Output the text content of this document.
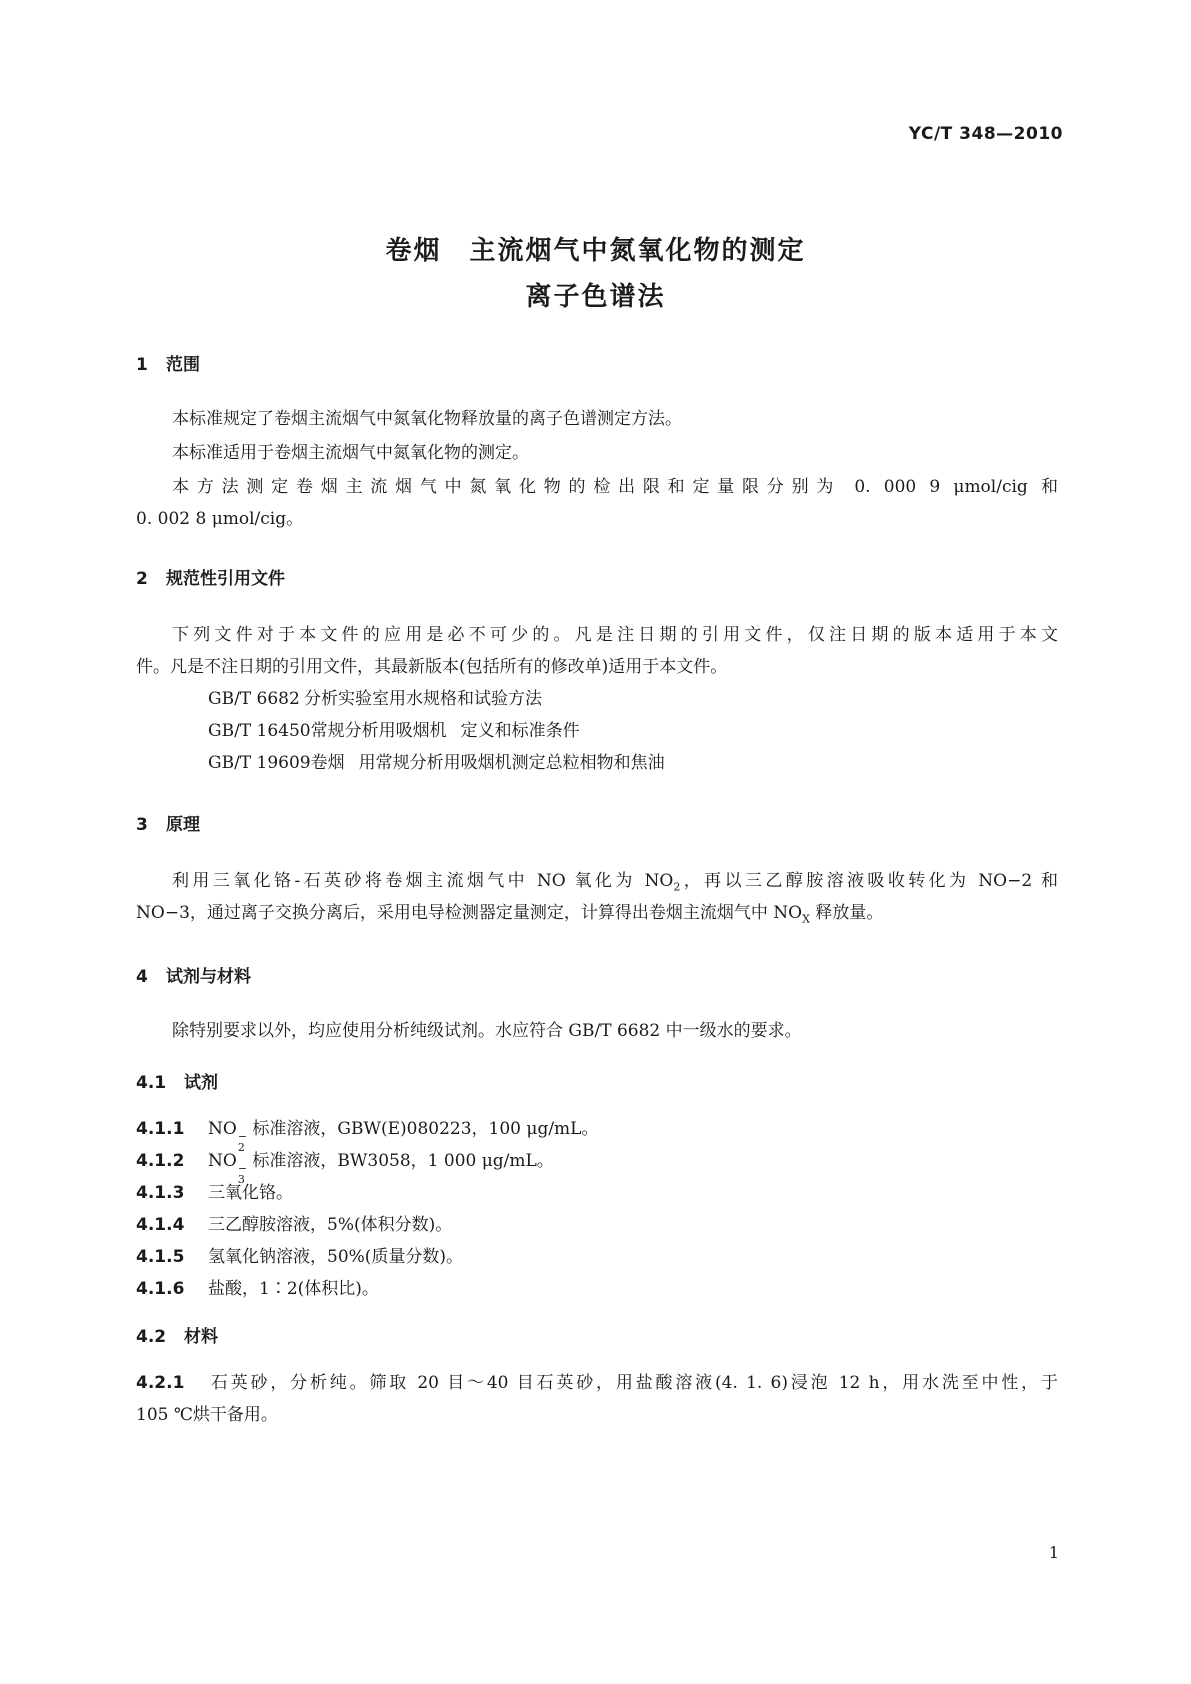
YC/T 348—2010
卷烟 主流烟气中氮氧化物的测定
离子色谱法
1 范围
本标准规定了卷烟主流烟气中氮氧化物释放量的离子色谱测定方法。
本标准适用于卷烟主流烟气中氮氧化物的测定。
本方法测定卷烟主流烟气中氮氧化物的检出限和定量限分别为 0. 000 9 μmol/cig 和
0. 002 8 μmol/cig。
2 规范性引用文件
下列文件对于本文件的应用是必不可少的。凡是注日期的引用文件，仅注日期的版本适用于本文
件。凡是不注日期的引用文件，其最新版本(包括所有的修改单)适用于本文件。
GB/T 6682 分析实验室用水规格和试验方法
GB/T 16450常规分析用吸烟机 定义和标准条件
GB/T 19609卷烟 用常规分析用吸烟机测定总粒相物和焦油
3 原理
利用三氧化铬-石英砂将卷烟主流烟气中 NO 氧化为 $NO_2$，再以三乙醇胺溶液吸收转化为 NO−2 和
NO−3，通过离子交换分离后，采用电导检测器定量测定，计算得出卷烟主流烟气中 $NO_X$ 释放量。
4 试剂与材料
除特别要求以外，均应使用分析纯级试剂。水应符合 GB/T 6682 中一级水的要求。
4.1 试剂
4.1.1 NO −
2
标准溶液，GBW(E)080223，100 μg/mL。
4.1.2 NO −
3
标准溶液，BW3058，1 000 μg/mL。
4.1.3 三氧化铬。
4.1.4 三乙醇胺溶液，5%(体积分数)。
4.1.5 氢氧化钠溶液，50%(质量分数)。
4.1.6 盐酸，1∶2(体积比)。
4.2 材料
4.2.1 石英砂，分析纯。筛取 20 目～40 目石英砂，用盐酸溶液(4. 1. 6)浸泡 12 h，用水洗至中性，于
105 ℃烘干备用。
1
